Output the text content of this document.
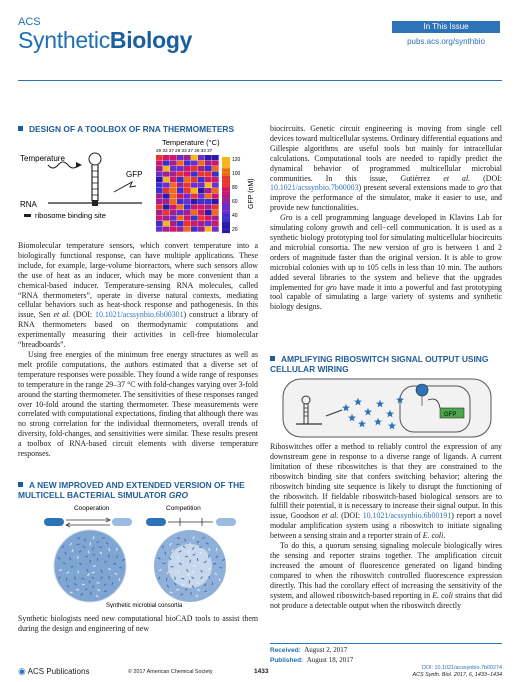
ACS
SyntheticBiology
In This Issue
pubs.acs.org/synthbio
DESIGN OF A TOOLBOX OF RNA THERMOMETERS
Temperature
GFP
RNA
ribosome binding site
Temperature (°C)
29 33 37 29 33 37 29 33 37
120
100
80
60
40
20
GFP (nM)

Biomolecular temperature sensors, which convert temperature into a biologically functional response, can have multiple applications. These include, for example, large-volume bioreactors, where such sensors allow the use of heat as an inducer, which may be more convenient than a chemical-based inducer. Temperature-sensing RNA molecules, called “RNA thermometers”, operate in diverse natural contexts, mediating cellular behaviors such as heat-shock response and pathogenesis. In this issue, Sen et al. (DOI: 10.1021/acssynbio.6b00301) construct a library of RNA thermometers based on thermodynamic computations and experimentally measuring their activities in cell-free biomolecular “breadboards”.

Using free energies of the minimum free energy structures as well as melt profile computations, the authors estimated that a diverse set of temperature responses were possible. They found a wide range of responses to temperature in the range 29–37 °C with fold-changes varying over 3-fold around the starting thermometer. The sensitivities of these responses ranged over 10-fold around the starting thermometer. These measurements were correlated with computational expectations, finding that although there was no strong correlation for the individual thermometers, overall trends of diversity, fold-changes, and sensitivities were similar. These results present a toolbox of RNA-based circuit elements with diverse temperature responses.

A NEW IMPROVED AND EXTENDED VERSION OF THE MULTICELL BACTERIAL SIMULATOR GRO
Cooperation	Competition
Synthetic microbial consortia
Synthetic biologists need new computational bioCAD tools to assist them during the design and engineering of new

biocircuits. Genetic circuit engineering is moving from single cell devices toward multicellular systems. Ordinary differential equations and Gillespie algorithms are useful tools but mainly for intracellular calculations. Computational tools are needed to rapidly predict the dynamical behavior of programmed multicellular microbial communities. In this issue, Gutiérrez et al. (DOI: 10.1021/acssynbio.7b00003) present several extensions made to gro that improve the performance of the simulator, make it easier to use, and provide new functionalities.

Gro is a cell programming language developed in Klavins Lab for simulating colony growth and cell−cell communication. It is used as a synthetic biology prototyping tool for simulating multicellular biocircuits and microbial consortia. The new version of gro is between 1 and 2 orders of magnitude faster than the original version. It is able to grow microbial colonies with up to 105 cells in less than 10 min. The authors added several libraries to the system and believe that the upgrades implemented for gro have made it into a powerful and fast prototyping tool capable of simulating a large variety of systems and synthetic biology designs.

AMPLIFYING RIBOSWITCH SIGNAL OUTPUT USING CELLULAR WIRING
GFP

Riboswitches offer a method to reliably control the expression of any downstream gene in response to a diverse range of ligands. A current limitation of these riboswitches is that they are constrained to the riboswitch binding site that confers switching behavior; altering the riboswitch binding site sequence is likely to disrupt the functioning of the riboswitch. If fieldable riboswitch-based biological sensors are to fulfill their potential, it is necessary to increase their signal output. In this issue, Goodson et al. (DOI: 10.1021/acssynbio.6b00191) report a novel modular amplification system using a riboswitch to initiate signaling between a sensing strain and a reporter strain of E. coli.

To do this, a quorum sensing signaling molecule biologically wires the sensing and reporter strains together. The amplification circuit increased the amount of fluorescence generated on ligand binding compared to when the riboswitch controlled fluorescence expression directly. This had the corollary effect of increasing the sensitivity of the system, and allowed riboswitch-based reporting in E. coli strains that did not produce a detectable output when the riboswitch directly

Received: August 2, 2017
Published: August 18, 2017
◉ ACS Publications	© 2017 American Chemical Society	1433	DOI: 10.1021/acssynbio.7b00274
ACS Synth. Biol. 2017, 6, 1433−1434
